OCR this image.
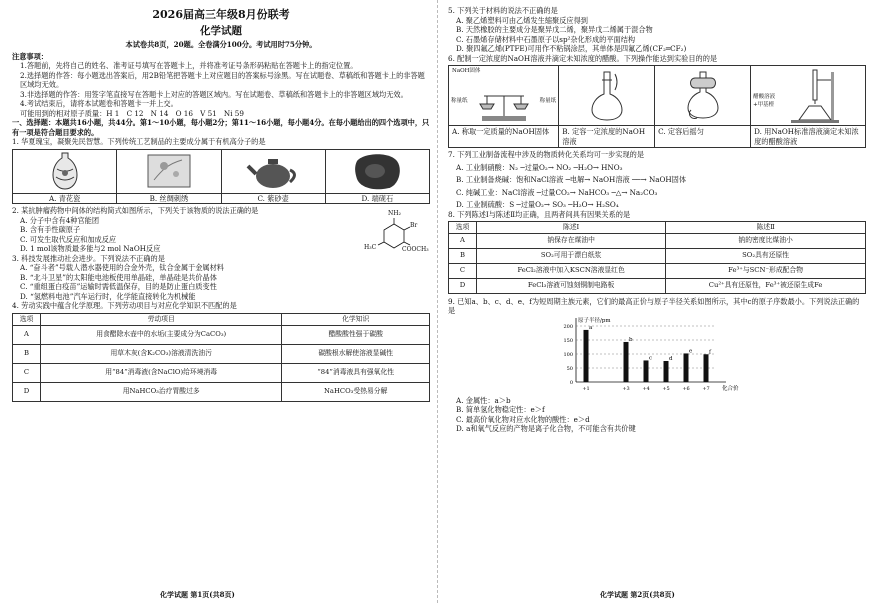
2026届高三年级8月份联考
化学试题
本试卷共8页，20题。全卷满分100分。考试用时75分钟。

注意事项：

1.答题前，先将自己的姓名、准考证号填写在答题卡上，并将准考证号条形码粘贴在答题卡上的指定位置。

2.选择题的作答：每小题选出答案后，用2B铅笔把答题卡上对应题目的答案标号涂黑。写在试题卷、草稿纸和答题卡上的非答题区域均无效。

3.非选择题的作答：用签字笔直接写在答题卡上对应的答题区域内。写在试题卷、草稿纸和答题卡上的非答题区域均无效。

4.考试结束后，请将本试题卷和答题卡一并上交。

可能用到的相对原子质量：H 1　C 12　N 14　O 16　V 51　Ni 59

一、选择题：本题共16小题，共44分。第1～10小题，每小题2分；第11～16小题，每小题4分。在每小题给出的四个选项中，只有一项是符合题目要求的。

1. 华夏瑰宝，凝聚先民智慧。下列传统工艺制品的主要成分属于有机高分子的是

A. 青花瓷	B. 丝绸刺绣	C. 紫砂壶	D. 端砚石

2. 某抗肿瘤药物中间体的结构简式如图所示，下列关于该物质的说法正确的是

A. 分子中含有4种官能团

B. 含有手性碳原子

C. 可发生取代反应和加成反应

D. 1 mol该物质最多能与2 mol NaOH反应

NH₂
Br
H₃C	COOCH₃

3. 科技发展推动社会进步。下列说法不正确的是

A. “奋斗者”号载人潜水器使用的合金外壳，钛合金属于金属材料

B. “北斗卫星”的太阳能电池板使用单晶硅，单晶硅是共价晶体

C. “重组蛋白疫苗”运输时需低温保存，目的是防止蛋白质变性

D. “氢燃料电池”汽车运行时，化学能直接转化为机械能

4. 劳动实践中蕴含化学原理。下列劳动项目与对应化学知识不匹配的是

选项	劳动项目	化学知识
A	用食醋除水壶中的水垢(主要成分为CaCO₃)	醋酸酸性强于碳酸
B	用草木灰(含K₂CO₃)溶液清洗油污	碳酸根水解使溶液显碱性
C	用“84”消毒液(含NaClO)给环境消毒	“84”消毒液具有强氧化性
D	用NaHCO₃治疗胃酸过多	NaHCO₃受热易分解

5. 下列关于材料的说法不正确的是

A. 聚乙烯塑料可由乙烯发生缩聚反应得到

B. 天然橡胶的主要成分是聚异戊二烯，聚异戊二烯属于混合物

C. 石墨烯存储材料中石墨原子以sp²杂化形成的平面结构

D. 聚四氟乙烯(PTFE)可用作不粘锅涂层，其单体是四氟乙烯(CF₂═CF₂)

6. 配制一定浓度的NaOH溶液并滴定未知浓度的醋酸。下列操作能达到实验目的的是

NaOH固体
称量纸	称量纸
A. 称取一定质量的NaOH固体	B. 定容一定浓度的NaOH溶液
C. 定容后摇匀
醋酸溶液
+甲基橙
D. 用NaOH标准溶液滴定未知浓度的醋酸溶液

7. 下列工业制备流程中涉及的物质转化关系均可一步实现的是

A. 工业制硝酸：N₂ ─过量O₂→ NO₂ ─H₂O→ HNO₃

B. 工业制备烧碱：饱和NaCl溶液 ─电解→ NaOH溶液 ──→ NaOH固体

C. 纯碱工业：NaCl溶液 ─过量CO₂→ NaHCO₃ ─△→ Na₂CO₃

D. 工业制硫酸：S ─过量O₂→ SO₃ ─H₂O→ H₂SO₄

8. 下列陈述Ⅰ与陈述Ⅱ均正确，且两者间具有因果关系的是

选项	陈述Ⅰ	陈述Ⅱ
A	钠保存在煤油中	钠的密度比煤油小
B	SO₂可用于漂白纸浆	SO₂具有还原性
C	FeCl₂溶液中加入KSCN溶液显红色	Fe³⁺与SCN⁻形成配合物
D	FeCl₃溶液可蚀刻铜制电路板	Cu²⁺具有还原性，Fe³⁺被还原生成Fe

9. 已知a、b、c、d、e、f为短周期主族元素，它们的最高正价与原子半径关系如图所示，其中c的原子序数最小。下列说法正确的是

原子半径/pm
化合价
0
50
100
150
200
+1	+3	+4	+5	+6	+7
a
b
c	d
e	f

A. 金属性：a＞b

B. 简单氢化物稳定性：e＞f

C. 最高价氧化物对应水化物的酸性：e＞d

D. a和氧气反应的产物是离子化合物，不可能含有共价键

化学试题 第1页(共8页)	化学试题 第2页(共8页)
